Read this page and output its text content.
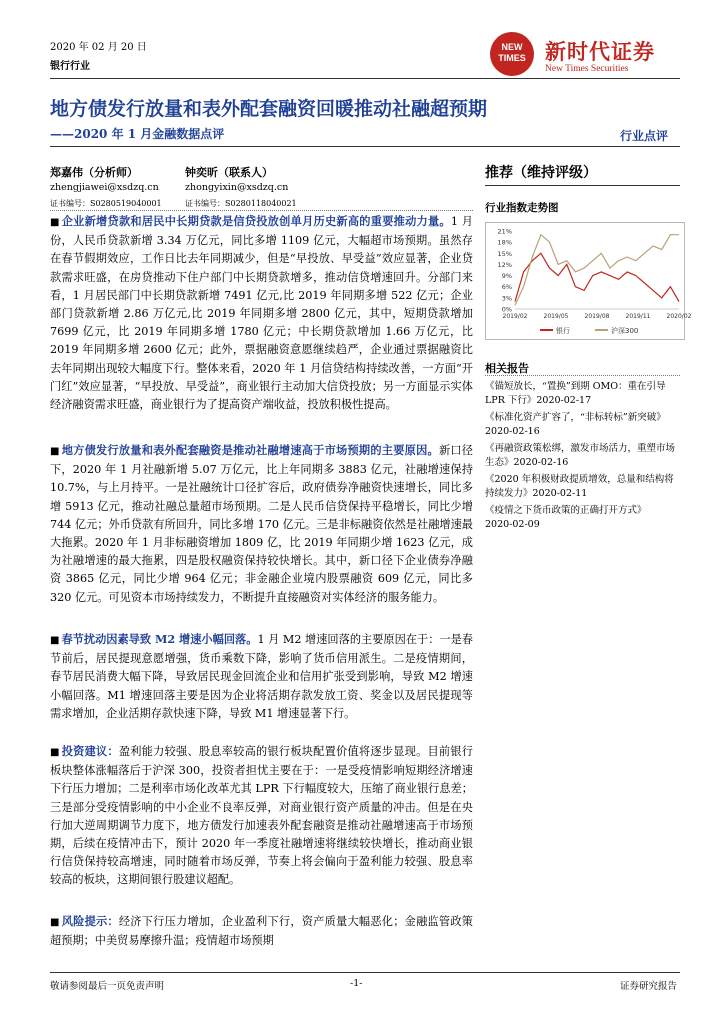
2020 年 02 月 20 日
银行行业
NEW
TIMES 新时代证券
New Times Securities
地方债发行放量和表外配套融资回暖推动社融超预期
——2020 年 1 月金融数据点评	行业点评
郑嘉伟（分析师）
zhengjiawei@xsdzq.cn
证书编号：S0280519040001
钟奕昕（联系人）
zhongyixin@xsdzq.cn
证书编号：S0280118040021
■ 企业新增贷款和居民中长期贷款是信贷投放创单月历史新高的重要推动力量。1 月份，人民币贷款新增 3.34 万亿元，同比多增 1109 亿元，大幅超市场预期。虽然存在春节假期效应，工作日比去年同期减少，但是“早投放、早受益”效应显著，企业贷款需求旺盛，在房贷推动下住户部门中长期贷款增多，推动信贷增速回升。分部门来看，1 月居民部门中长期贷款新增 7491 亿元,比 2019 年同期多增 522 亿元；企业部门贷款新增 2.86 万亿元,比 2019 年同期多增 2800 亿元，其中，短期贷款增加 7699 亿元，比 2019 年同期多增 1780 亿元；中长期贷款增加 1.66 万亿元，比 2019 年同期多增 2600 亿元；此外，票据融资意愿继续趋严，企业通过票据融资比去年同期出现较大幅度下行。整体来看，2020 年 1 月信贷结构持续改善，一方面“开门红”效应显著，“早投放、早受益”，商业银行主动加大信贷投放；另一方面显示实体经济融资需求旺盛，商业银行为了提高资产端收益，投放积极性提高。
■ 地方债发行放量和表外配套融资是推动社融增速高于市场预期的主要原因。新口径下，2020 年 1 月社融新增 5.07 万亿元，比上年同期多 3883 亿元，社融增速保持 10.7%，与上月持平。一是社融统计口径扩容后，政府债券净融资快速增长，同比多增 5913 亿元，推动社融总量超市场预期。二是人民币信贷保持平稳增长，同比少增 744 亿元；外币贷款有所回升，同比多增 170 亿元。三是非标融资依然是社融增速最大拖累。2020 年 1 月非标融资增加 1809 亿，比 2019 年同期少增 1623 亿元，成为社融增速的最大拖累，四是股权融资保持较快增长。其中，新口径下企业债券净融资 3865 亿元，同比少增 964 亿元；非金融企业境内股票融资 609 亿元，同比多 320 亿元。可见资本市场持续发力，不断提升直接融资对实体经济的服务能力。
■ 春节扰动因素导致 M2 增速小幅回落。1 月 M2 增速回落的主要原因在于：一是春节前后，居民提现意愿增强，货币乘数下降，影响了货币信用派生。二是疫情期间，春节居民消费大幅下降，导致居民现金回流企业和信用扩张受到影响，导致 M2 增速小幅回落。M1 增速回落主要是因为企业将活期存款发放工资、奖金以及居民提现等需求增加，企业活期存款快速下降，导致 M1 增速显著下行。
■ 投资建议：盈利能力较强、股息率较高的银行板块配置价值将逐步显现。目前银行板块整体涨幅落后于沪深 300，投资者担忧主要在于：一是受疫情影响短期经济增速下行压力增加；二是利率市场化改革尤其 LPR 下行幅度较大，压缩了商业银行息差；三是部分受疫情影响的中小企业不良率反弹，对商业银行资产质量的冲击。但是在央行加大逆周期调节力度下，地方债发行加速表外配套融资是推动社融增速高于市场预期，后续在疫情冲击下，预计 2020 年一季度社融增速将继续较快增长，推动商业银行信贷保持较高增速，同时随着市场反弹，节奏上将会偏向于盈利能力较强、股息率较高的板块，这期间银行股建议超配。
■ 风险提示：经济下行压力增加，企业盈利下行，资产质量大幅恶化；金融监管政策超预期；中美贸易摩擦升温；疫情超市场预期
推荐（维持评级）
行业指数走势图
21%
18%
15%
12%
9%
6%
3%
0%
2019/02	2019/05	2019/08	2019/11	2020/02
银行	沪深300
相关报告
《锚短放长，“置换”到期 OMO：重在引导 LPR 下行》2020-02-17
《标准化资产扩容了，“非标转标”新突破》2020-02-16
《再融资政策松绑，激发市场活力，重塑市场生态》2020-02-16
《2020 年积极财政提质增效，总量和结构将持续发力》2020-02-11
《疫情之下货币政策的正确打开方式》
2020-02-09
敬请参阅最后一页免责声明	-1-	证券研究报告
